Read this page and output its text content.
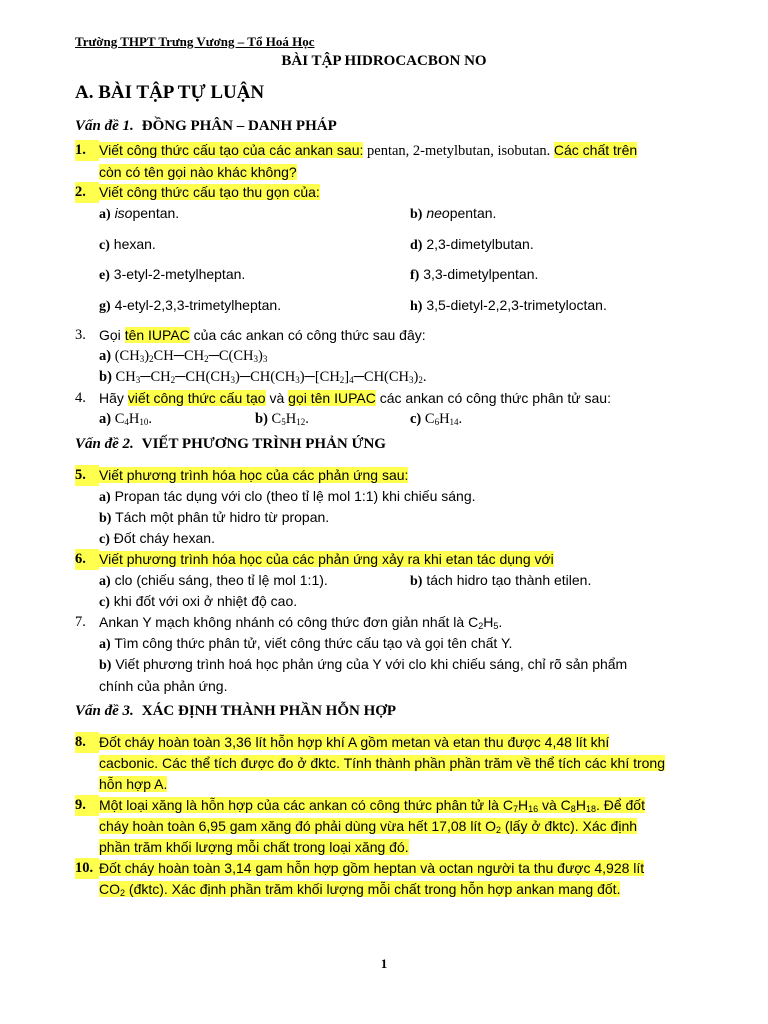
Trường THPT Trưng Vương – Tổ Hoá Học
BÀI TẬP HIDROCACBON NO
A. BÀI TẬP TỰ LUẬN
Vấn đề 1. ĐỒNG PHÂN – DANH PHÁP
1. Viết công thức cấu tạo của các ankan sau: pentan, 2-metylbutan, isobutan. Các chất trên
còn có tên gọi nào khác không?
2. Viết công thức cấu tạo thu gọn của:
a) isopentan.	b) neopentan.
c) hexan.	d) 2,3-dimetylbutan.
e) 3-etyl-2-metylheptan.	f) 3,3-dimetylpentan.
g) 4-etyl-2,3,3-trimetylheptan.	h) 3,5-dietyl-2,2,3-trimetyloctan.
3. Gọi tên IUPAC của các ankan có công thức sau đây:
a) $(CH_3)_2CH─CH_2─C(CH_3)_3$
b) $CH_3─CH_2─CH(CH_3)─CH(CH_3)─[CH_2]_4─CH(CH_3)_2$.
4. Hãy viết công thức cấu tạo và gọi tên IUPAC các ankan có công thức phân tử sau:
a) $C_4H_{10}$.	b) $C_5H_{12}$.	c) $C_6H_{14}$.
Vấn đề 2. VIẾT PHƯƠNG TRÌNH PHẢN ỨNG
5. Viết phương trình hóa học của các phản ứng sau:
a) Propan tác dụng với clo (theo tỉ lệ mol 1:1) khi chiếu sáng.
b) Tách một phân tử hidro từ propan.
c) Đốt cháy hexan.
6. Viết phương trình hóa học của các phản ứng xảy ra khi etan tác dụng với
a) clo (chiếu sáng, theo tỉ lệ mol 1:1).	b) tách hidro tạo thành etilen.
c) khi đốt với oxi ở nhiệt độ cao.
7. Ankan Y mạch không nhánh có công thức đơn giản nhất là $C_2H_5$.
a) Tìm công thức phân tử, viết công thức cấu tạo và gọi tên chất Y.
b) Viết phương trình hoá học phản ứng của Y với clo khi chiếu sáng, chỉ rõ sản phẩm
chính của phản ứng.
Vấn đề 3. XÁC ĐỊNH THÀNH PHẦN HỖN HỢP
8. Đốt cháy hoàn toàn 3,36 lít hỗn hợp khí A gồm metan và etan thu được 4,48 lít khí
cacbonic. Các thể tích được đo ở đktc. Tính thành phần phần trăm về thể tích các khí trong
hỗn hợp A.
9. Một loại xăng là hỗn hợp của các ankan có công thức phân tử là $C_7H_{16}$ và $C_8H_{18}$. Để đốt
cháy hoàn toàn 6,95 gam xăng đó phải dùng vừa hết 17,08 lít $O_2$ (lấy ở đktc). Xác định
phần trăm khối lượng mỗi chất trong loại xăng đó.
10. Đốt cháy hoàn toàn 3,14 gam hỗn hợp gồm heptan và octan người ta thu được 4,928 lít
$CO_2$ (đktc). Xác định phần trăm khối lượng mỗi chất trong hỗn hợp ankan mang đốt.
1
